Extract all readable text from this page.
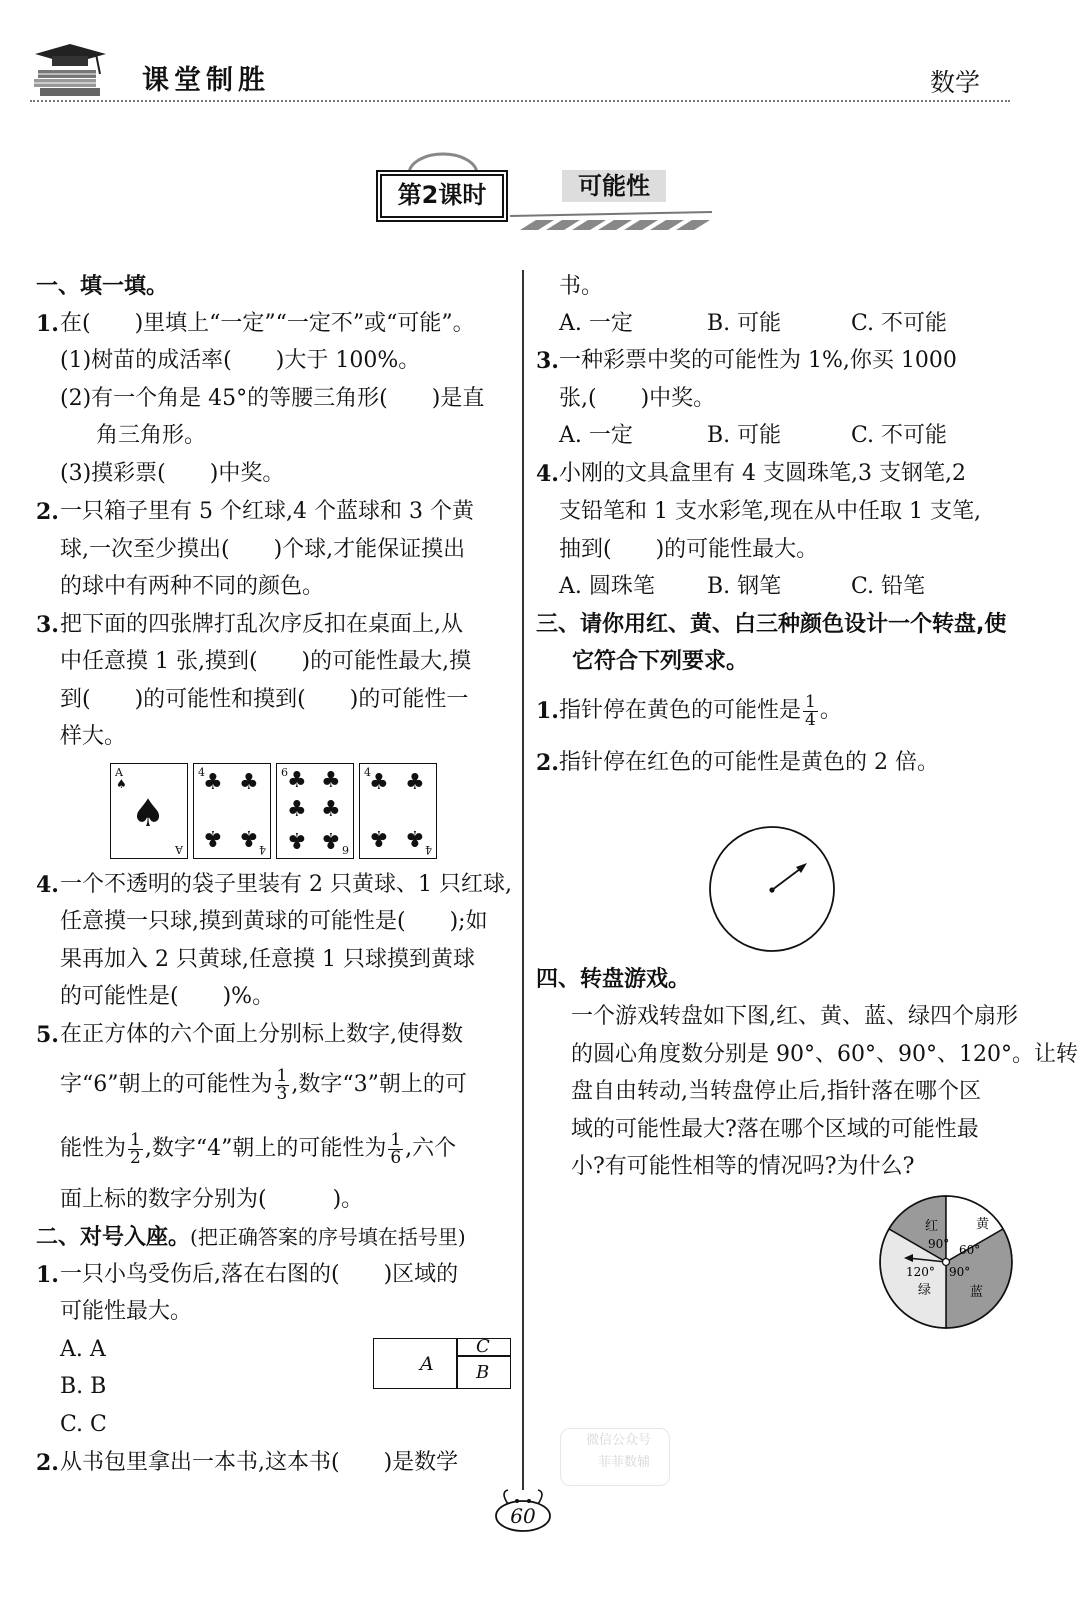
课堂制胜	数学
第2课时	可能性
一、填一填。
1. 在(　　)里填上“一定”“一定不”或“可能”。
(1)树苗的成活率(　　)大于 100%。
(2)有一个角是 45°的等腰三角形(　　)是直
角三角形。
(3)摸彩票(　　)中奖。
2. 一只箱子里有 5 个红球,4 个蓝球和 3 个黄
球,一次至少摸出(　　)个球,才能保证摸出
的球中有两种不同的颜色。
3. 把下面的四张牌打乱次序反扣在桌面上,从
中任意摸 1 张,摸到(　　)的可能性最大,摸
到(　　)的可能性和摸到(　　)的可能性一
样大。
A
♠
♠
A
4
♣ ♣
♣ ♣ 4
6 ♣ ♣
♣ ♣
♣ ♣ 6
4
♣ ♣
♣ ♣ 4
4. 一个不透明的袋子里装有 2 只黄球、1 只红球,
任意摸一只球,摸到黄球的可能性是(　　);如
果再加入 2 只黄球,任意摸 1 只球摸到黄球
的可能性是(　　)%。
5. 在正方体的六个面上分别标上数字,使得数
字“6”朝上的可能性为 $\frac{1}{3}$ ,数字“3”朝上的可
能性为 $\frac{1}{2}$ ,数字“4”朝上的可能性为 $\frac{1}{6}$ ,六个
面上标的数字分别为(　　　)。
二、对号入座。(把正确答案的序号填在括号里)
1. 一只小鸟受伤后,落在右图的(　　)区域的
可能性最大。
A. A
B. B
C. C
A
C
B
2. 从书包里拿出一本书,这本书(　　)是数学
书。
A. 一定	B. 可能	C. 不可能
3. 一种彩票中奖的可能性为 1%,你买 1000
张,(　　)中奖。
A. 一定	B. 可能	C. 不可能
4. 小刚的文具盒里有 4 支圆珠笔,3 支钢笔,2
支铅笔和 1 支水彩笔,现在从中任取 1 支笔,
抽到(　　)的可能性最大。
A. 圆珠笔 B. 钢笔	C. 铅笔
三、请你用红、黄、白三种颜色设计一个转盘,使
它符合下列要求。
1. 指针停在黄色的可能性是 $\frac{1}{4}$ 。
2. 指针停在红色的可能性是黄色的 2 倍。
四、转盘游戏。
一个游戏转盘如下图,红、黄、蓝、绿四个扇形
的圆心角度数分别是 90°、60°、90°、120°。让转
盘自由转动,当转盘停止后,指针落在哪个区
域的可能性最大?落在哪个区域的可能性最
小?有可能性相等的情况吗?为什么?
红
90°
黄
60°
90°
蓝
120°
绿
微信公众号
菲菲数辅
60
